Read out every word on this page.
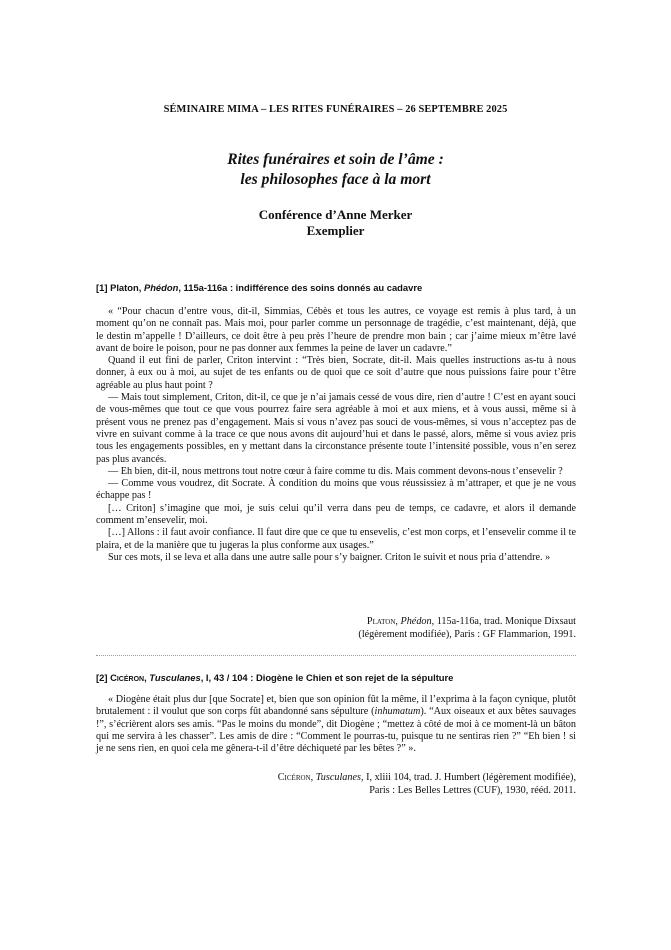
SÉMINAIRE MIMA – LES RITES FUNÉRAIRES – 26 SEPTEMBRE 2025
Rites funéraires et soin de l’âme :
les philosophes face à la mort
Conférence d’Anne Merker
Exemplier
[1] Platon, Phédon, 115a-116a : indifférence des soins donnés au cadavre

« “Pour chacun d’entre vous, dit-il, Simmias, Cébès et tous les autres, ce voyage est remis à plus tard, à un moment qu’on ne connaît pas. Mais moi, pour parler comme un personnage de tragédie, c’est maintenant, déjà, que le destin m’appelle ! D’ailleurs, ce doit être à peu près l’heure de prendre mon bain ; car j’aime mieux m’être lavé avant de boire le poison, pour ne pas donner aux femmes la peine de laver un cadavre.”

Quand il eut fini de parler, Criton intervint : “Très bien, Socrate, dit-il. Mais quelles instructions as-tu à nous donner, à eux ou à moi, au sujet de tes enfants ou de quoi que ce soit d’autre que nous puissions faire pour t’être agréable au plus haut point ?

— Mais tout simplement, Criton, dit-il, ce que je n’ai jamais cessé de vous dire, rien d’autre ! C’est en ayant souci de vous-mêmes que tout ce que vous pourrez faire sera agréable à moi et aux miens, et à vous aussi, même si à présent vous ne prenez pas d’engagement. Mais si vous n’avez pas souci de vous-mêmes, si vous n’acceptez pas de vivre en suivant comme à la trace ce que nous avons dit aujourd’hui et dans le passé, alors, même si vous aviez pris tous les engagements possibles, en y mettant dans la circonstance présente toute l’intensité possible, vous n’en serez pas plus avancés.

— Eh bien, dit-il, nous mettrons tout notre cœur à faire comme tu dis. Mais comment devons-nous t’ensevelir ?

— Comme vous voudrez, dit Socrate. À condition du moins que vous réussissiez à m’attraper, et que je ne vous échappe pas !

[… Criton] s’imagine que moi, je suis celui qu’il verra dans peu de temps, ce cadavre, et alors il demande comment m’ensevelir, moi.

[…] Allons : il faut avoir confiance. Il faut dire que ce que tu ensevelis, c’est mon corps, et l’ensevelir comme il te plaira, et de la manière que tu jugeras la plus conforme aux usages.”

Sur ces mots, il se leva et alla dans une autre salle pour s’y baigner. Criton le suivit et nous pria d’attendre. »

Platon, Phédon, 115a-116a, trad. Monique Dixsaut
(légèrement modifiée), Paris : GF Flammarion, 1991.
[2] Cicéron, Tusculanes, I, 43 / 104 : Diogène le Chien et son rejet de la sépulture

« Diogène était plus dur [que Socrate] et, bien que son opinion fût la même, il l’exprima à la façon cynique, plutôt brutalement : il voulut que son corps fût abandonné sans sépulture (inhumatum). “Aux oiseaux et aux bêtes sauvages !”, s’écrièrent alors ses amis. “Pas le moins du monde”, dit Diogène ; “mettez à côté de moi à ce moment-là un bâton qui me servira à les chasser”. Les amis de dire : “Comment le pourras-tu, puisque tu ne sentiras rien ?” “Eh bien ! si je ne sens rien, en quoi cela me gênera-t-il d’être déchiqueté par les bêtes ?” ».

Cicéron, Tusculanes, I, xliii 104, trad. J. Humbert (légèrement modifiée),
Paris : Les Belles Lettres (CUF), 1930, rééd. 2011.
